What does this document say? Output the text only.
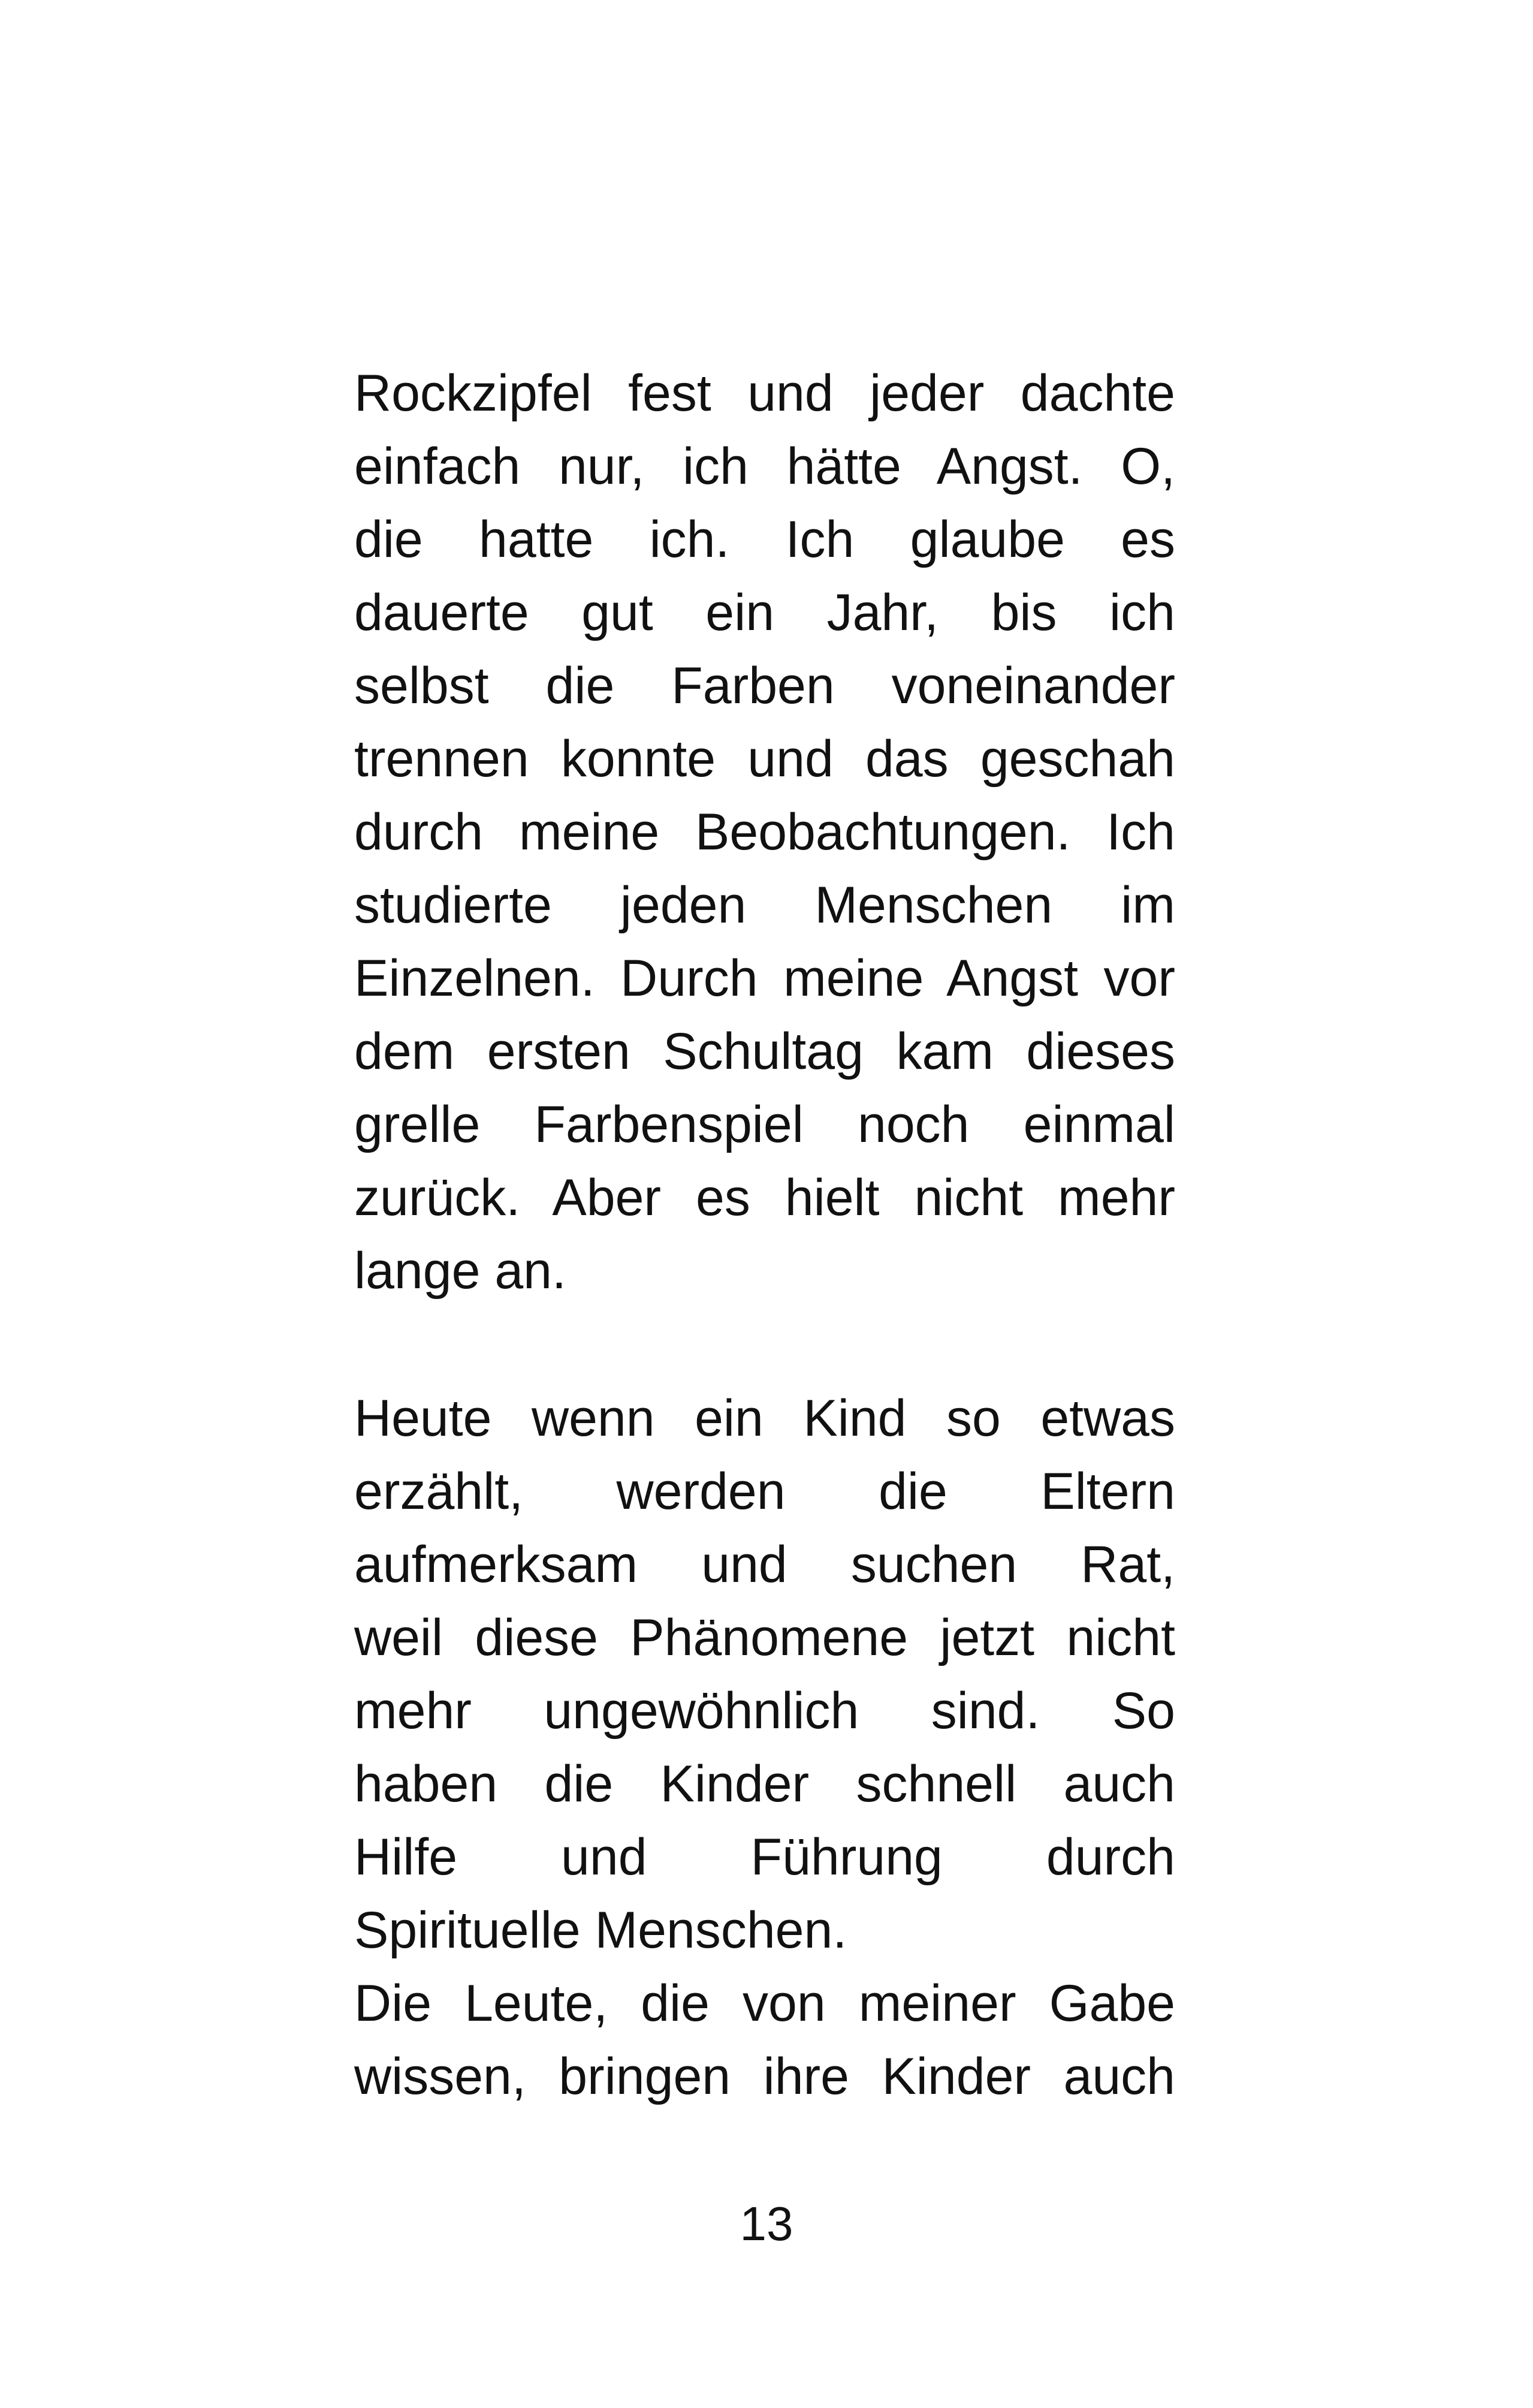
Rockzipfel fest und jeder dachte
einfach nur, ich hätte Angst. O,
die hatte ich. Ich glaube es
dauerte gut ein Jahr, bis ich
selbst die Farben voneinander
trennen konnte und das geschah
durch meine Beobachtungen. Ich
studierte jeden Menschen im
Einzelnen. Durch meine Angst vor
dem ersten Schultag kam dieses
grelle Farbenspiel noch einmal
zurück. Aber es hielt nicht mehr
lange an.
Heute wenn ein Kind so etwas
erzählt, werden die Eltern
aufmerksam und suchen Rat,
weil diese Phänomene jetzt nicht
mehr ungewöhnlich sind. So
haben die Kinder schnell auch
Hilfe und Führung durch
Spirituelle Menschen.
Die Leute, die von meiner Gabe
wissen, bringen ihre Kinder auch
13
